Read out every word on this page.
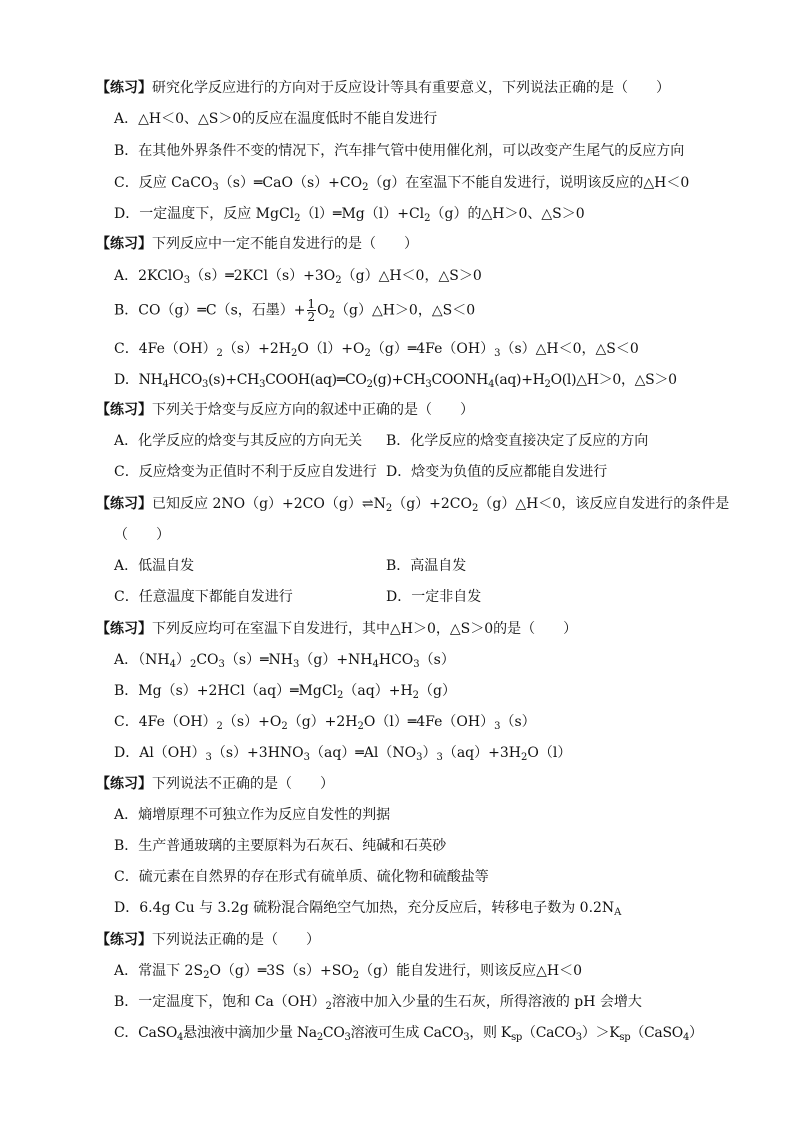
【练习】研究化学反应进行的方向对于反应设计等具有重要意义，下列说法正确的是（　　）
A．△H＜0、△S＞0的反应在温度低时不能自发进行
B．在其他外界条件不变的情况下，汽车排气管中使用催化剂，可以改变产生尾气的反应方向
C．反应 $CaCO_3(s)═CaO(s)+CO_2(g)$在室温下不能自发进行，说明该反应的△H＜0
D．一定温度下，反应 $MgCl_2(l)═Mg(l)+Cl_2(g)$的△H＞0、△S＞0
【练习】下列反应中一定不能自发进行的是（　　）
A．$2KClO_3(s)═2KCl(s)+3O_2(g)\triangle H<0$，△S＞0
B．CO（g）═C（s，石墨）+ $\frac{1}{2}$ $O_2(g)\triangle H>0$，△S＜0
C．$4Fe(OH)_2(s)+2H_2O(l)+O_2(g)═4Fe(OH)_3(s)\triangle H<0$，△S＜0
D．$NH_4HCO_3(s)+CH_3COOH(aq)═CO_2(g)+CH_3COONH_4(aq)+H_2O(l)\triangle H>0$，△S＞0
【练习】下列关于焓变与反应方向的叙述中正确的是（　　）
A．化学反应的焓变与其反应的方向无关 B．化学反应的焓变直接决定了反应的方向
C．反应焓变为正值时不利于反应自发进行 D．焓变为负值的反应都能自发进行
【练习】已知反应 $2NO(g)+2CO(g)\rightleftharpoons N_2(g)+2CO_2(g)\triangle H<0$，该反应自发进行的条件是
（　　）
A．低温自发	B．高温自发
C．任意温度下都能自发进行	D．一定非自发
【练习】下列反应均可在室温下自发进行，其中△H＞0，△S＞0的是（　　）
A．$(NH_4)_2CO_3(s)═NH_3(g)+NH_4HCO_3(s)$
B．$Mg(s)+2HCl(aq)═MgCl_2(aq)+H_2(g)$
C．$4Fe(OH)_2(s)+O_2(g)+2H_2O(l)═4Fe(OH)_3(s)$
D．$Al(OH)_3(s)+3HNO_3(aq)═Al(NO_3)_3(aq)+3H_2O(l)$
【练习】下列说法不正确的是（　　）
A．熵增原理不可独立作为反应自发性的判据
B．生产普通玻璃的主要原料为石灰石、纯碱和石英砂
C．硫元素在自然界的存在形式有硫单质、硫化物和硫酸盐等
D．6.4g Cu 与 3.2g 硫粉混合隔绝空气加热，充分反应后，转移电子数为 $0.2N_A$
【练习】下列说法正确的是（　　）
A．常温下 $2S_2O(g)═3S(s)+SO_2(g)$能自发进行，则该反应△H＜0
B．一定温度下，饱和 $Ca(OH)_2$溶液中加入少量的生石灰，所得溶液的 pH 会增大
C．CaSO$_4$悬浊液中滴加少量 $Na_2CO_3$溶液可生成 CaCO$_3$，则 $K_{sp}(CaCO_3)>K_{sp}(CaSO_4)$
